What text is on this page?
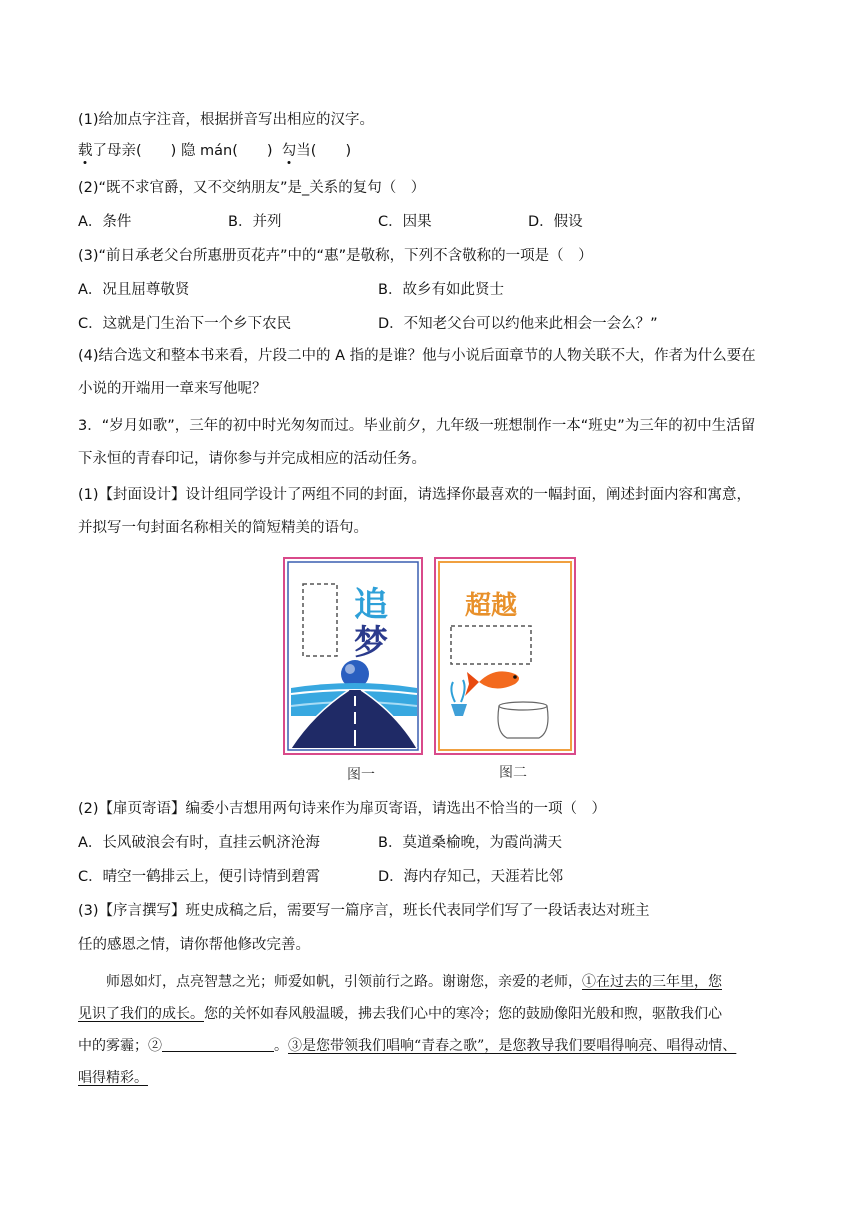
(1)给加点字注音，根据拼音写出相应的汉字。
载了母亲(　　) 隐 mán(　　) 勾当(　　)
(2)“既不求官爵，又不交纳朋友”是_关系的复句（　）
A．条件	B．并列	C．因果	D．假设
(3)“前日承老父台所惠册页花卉”中的“惠”是敬称，下列不含敬称的一项是（　）
A．况且屈尊敬贤	B．故乡有如此贤士
C．这就是门生治下一个乡下农民	D．不知老父台可以约他来此相会一会么？”
(4)结合选文和整本书来看，片段二中的 A 指的是谁？他与小说后面章节的人物关联不大，作者为什么要在
小说的开端用一章来写他呢？
3．“岁月如歌”，三年的初中时光匆匆而过。毕业前夕，九年级一班想制作一本“班史”为三年的初中生活留
下永恒的青春印记，请你参与并完成相应的活动任务。
(1)【封面设计】设计组同学设计了两组不同的封面，请选择你最喜欢的一幅封面，阐述封面内容和寓意，
并拟写一句封面名称相关的简短精美的语句。
追
梦
超越
图一	图二
(2)【扉页寄语】编委小吉想用两句诗来作为扉页寄语，请选出不恰当的一项（　）
A．长风破浪会有时，直挂云帆济沧海	B．莫道桑榆晚，为霞尚满天
C．晴空一鹤排云上，便引诗情到碧霄	D．海内存知己，天涯若比邻
(3)【序言撰写】班史成稿之后，需要写一篇序言，班长代表同学们写了一段话表达对班主
任的感恩之情，请你帮他修改完善。
师恩如灯，点亮智慧之光；师爱如帆，引领前行之路。谢谢您，亲爱的老师，①在过去的三年里，您
见识了我们的成长。您的关怀如春风般温暖，拂去我们心中的寒冷；您的鼓励像阳光般和煦，驱散我们心
中的雾霾；②	。③是您带领我们唱响“青春之歌”，是您教导我们要唱得响亮、唱得动情、
唱得精彩。
